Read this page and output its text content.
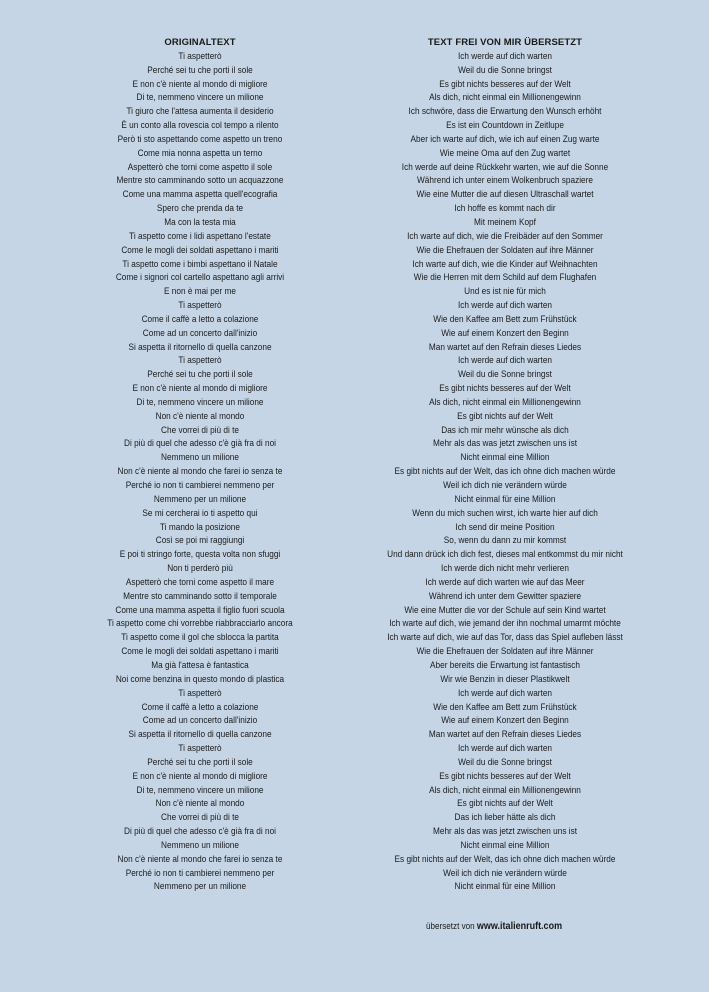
ORIGINALTEXT
Ti aspetterò
Perché sei tu che porti il sole
E non c'è niente al mondo di migliore
Di te, nemmeno vincere un milione
Ti giuro che l'attesa aumenta il desiderio
È un conto alla rovescia col tempo a rilento
Però ti sto aspettando come aspetto un treno
Come mia nonna aspetta un terno
Aspetterò che torni come aspetto il sole
Mentre sto camminando sotto un acquazzone
Come una mamma aspetta quell'ecografia
Spero che prenda da te
Ma con la testa mia
Ti aspetto come i lidi aspettano l'estate
Come le mogli dei soldati aspettano i mariti
Ti aspetto come i bimbi aspettano il Natale
Come i signori col cartello aspettano agli arrivi
E non è mai per me
Ti aspetterò
Come il caffè a letto a colazione
Come ad un concerto dall'inizio
Si aspetta il ritornello di quella canzone
Ti aspetterò
Perché sei tu che porti il sole
E non c'è niente al mondo di migliore
Di te, nemmeno vincere un milione
Non c'è niente al mondo
Che vorrei di più di te
Di più di quel che adesso c'è già fra di noi
Nemmeno un milione
Non c'è niente al mondo che farei io senza te
Perché io non ti cambierei nemmeno per
Nemmeno per un milione
Se mi cercherai io ti aspetto qui
Ti mando la posizione
Così se poi mi raggiungi
E poi ti stringo forte, questa volta non sfuggi
Non ti perderò più
Aspetterò che torni come aspetto il mare
Mentre sto camminando sotto il temporale
Come una mamma aspetta il figlio fuori scuola
Ti aspetto come chi vorrebbe riabbracciarlo ancora
Ti aspetto come il gol che sblocca la partita
Come le mogli dei soldati aspettano i mariti
Ma già l'attesa è fantastica
Noi come benzina in questo mondo di plastica
Ti aspetterò
Come il caffè a letto a colazione
Come ad un concerto dall'inizio
Si aspetta il ritornello di quella canzone
Ti aspetterò
Perché sei tu che porti il sole
E non c'è niente al mondo di migliore
Di te, nemmeno vincere un milione
Non c'è niente al mondo
Che vorrei di più di te
Di più di quel che adesso c'è già fra di noi
Nemmeno un milione
Non c'è niente al mondo che farei io senza te
Perché io non ti cambierei nemmeno per
Nemmeno per un milione
TEXT FREI VON MIR ÜBERSETZT
Ich werde auf dich warten
Weil du die Sonne bringst
Es gibt nichts besseres auf der Welt
Als dich, nicht einmal ein Millionengewinn
Ich schwöre, dass die Erwartung den Wunsch erhöht
Es ist ein Countdown in Zeitlupe
Aber ich warte auf dich, wie ich auf einen Zug warte
Wie meine Oma auf den Zug wartet
Ich werde auf deine Rückkehr warten, wie auf die Sonne
Während ich unter einem Wolkenbruch spaziere
Wie eine Mutter die auf diesen Ultraschall wartet
Ich hoffe es kommt nach dir
Mit meinem Kopf
Ich warte auf dich, wie die Freibäder auf den Sommer
Wie die Ehefrauen der Soldaten auf ihre Männer
Ich warte auf dich, wie die Kinder auf Weihnachten
Wie die Herren mit dem Schild auf dem Flughafen
Und es ist nie für mich
Ich werde auf dich warten
Wie den Kaffee am Bett zum Frühstück
Wie auf einem Konzert den Beginn
Man wartet auf den Refrain dieses Liedes
Ich werde auf dich warten
Weil du die Sonne bringst
Es gibt nichts besseres auf der Welt
Als dich, nicht einmal ein Millionengewinn
Es gibt nichts auf der Welt
Das ich mir mehr wünsche als dich
Mehr als das was jetzt zwischen uns ist
Nicht einmal eine Million
Es gibt nichts auf der Welt, das ich ohne dich machen würde
Weil ich dich nie verändern würde
Nicht einmal für eine Million
Wenn du mich suchen wirst, ich warte hier auf dich
Ich send dir meine Position
So, wenn du dann zu mir kommst
Und dann drück ich dich fest, dieses mal entkommst du mir nicht
Ich werde dich nicht mehr verlieren
Ich werde auf dich warten wie auf das Meer
Während ich unter dem Gewitter spaziere
Wie eine Mutter die vor der Schule auf sein Kind wartet
Ich warte auf dich, wie jemand der ihn nochmal umarmt möchte
Ich warte auf dich, wie auf das Tor, dass das Spiel aufleben lässt
Wie die Ehefrauen der Soldaten auf ihre Männer
Aber bereits die Erwartung ist fantastisch
Wir wie Benzin in dieser Plastikwelt
Ich werde auf dich warten
Wie den Kaffee am Bett zum Frühstück
Wie auf einem Konzert den Beginn
Man wartet auf den Refrain dieses Liedes
Ich werde auf dich warten
Weil du die Sonne bringst
Es gibt nichts besseres auf der Welt
Als dich, nicht einmal ein Millionengewinn
Es gibt nichts auf der Welt
Das ich lieber hätte als dich
Mehr als das was jetzt zwischen uns ist
Nicht einmal eine Million
Es gibt nichts auf der Welt, das ich ohne dich machen würde
Weil ich dich nie verändern würde
Nicht einmal für eine Million
übersetzt von www.italienruft.com
